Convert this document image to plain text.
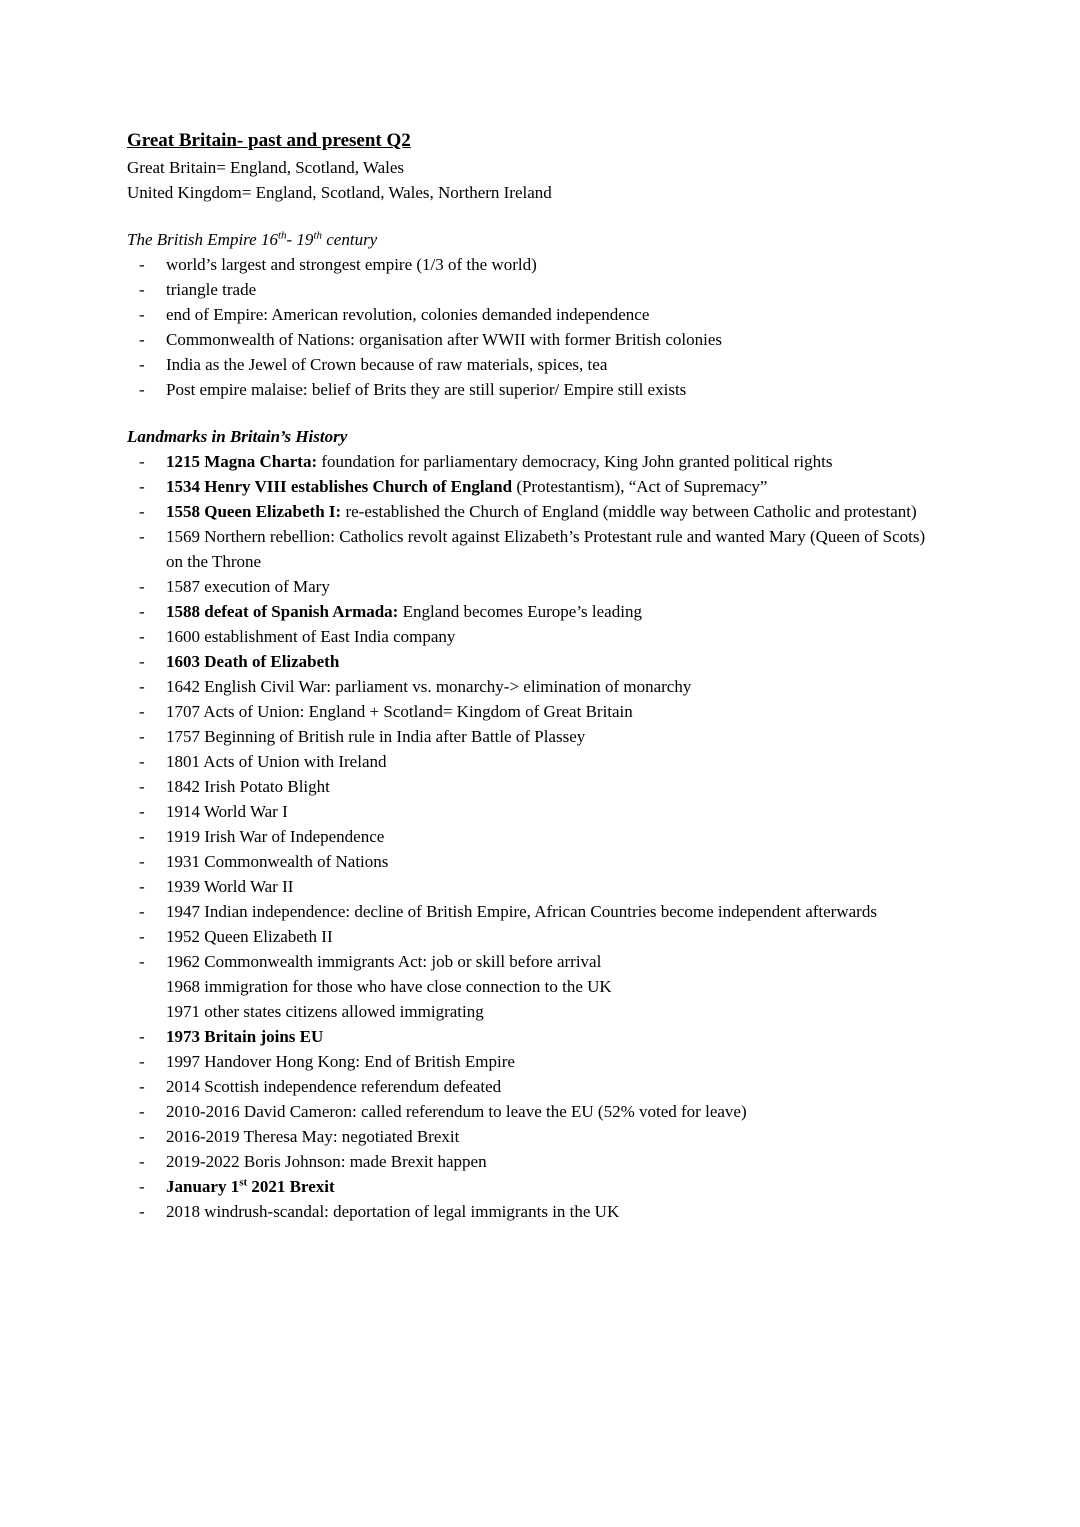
Great Britain- past and present Q2

Great Britain= England, Scotland, Wales

United Kingdom= England, Scotland, Wales, Northern Ireland

The British Empire 16th- 19th century
-	world’s largest and strongest empire (1/3 of the world)
-	triangle trade
-	end of Empire: American revolution, colonies demanded independence
-	Commonwealth of Nations: organisation after WWII with former British colonies
-	India as the Jewel of Crown because of raw materials, spices, tea
-	Post empire malaise: belief of Brits they are still superior/ Empire still exists
Landmarks in Britain’s History
-	1215 Magna Charta: foundation for parliamentary democracy, King John granted political rights
-	1534 Henry VIII establishes Church of England (Protestantism), “Act of Supremacy”
-	1558 Queen Elizabeth I: re-established the Church of England (middle way between Catholic and protestant)
-	1569 Northern rebellion: Catholics revolt against Elizabeth’s Protestant rule and wanted Mary (Queen of Scots) on the Throne
-	1587 execution of Mary
-	1588 defeat of Spanish Armada: England becomes Europe’s leading
-	1600 establishment of East India company
-	1603 Death of Elizabeth
-	1642 English Civil War: parliament vs. monarchy-> elimination of monarchy
-	1707 Acts of Union: England + Scotland= Kingdom of Great Britain
-	1757 Beginning of British rule in India after Battle of Plassey
-	1801 Acts of Union with Ireland
-	1842 Irish Potato Blight
-	1914 World War I
-	1919 Irish War of Independence
-	1931 Commonwealth of Nations
-	1939 World War II
-	1947 Indian independence: decline of British Empire, African Countries become independent afterwards
-	1952 Queen Elizabeth II
-	1962 Commonwealth immigrants Act: job or skill before arrival
1968 immigration for those who have close connection to the UK
1971 other states citizens allowed immigrating
-	1973 Britain joins EU
-	1997 Handover Hong Kong: End of British Empire
-	2014 Scottish independence referendum defeated
-	2010-2016 David Cameron: called referendum to leave the EU (52% voted for leave)
-	2016-2019 Theresa May: negotiated Brexit
-	2019-2022 Boris Johnson: made Brexit happen
-	January 1st 2021 Brexit
-	2018 windrush-scandal: deportation of legal immigrants in the UK
